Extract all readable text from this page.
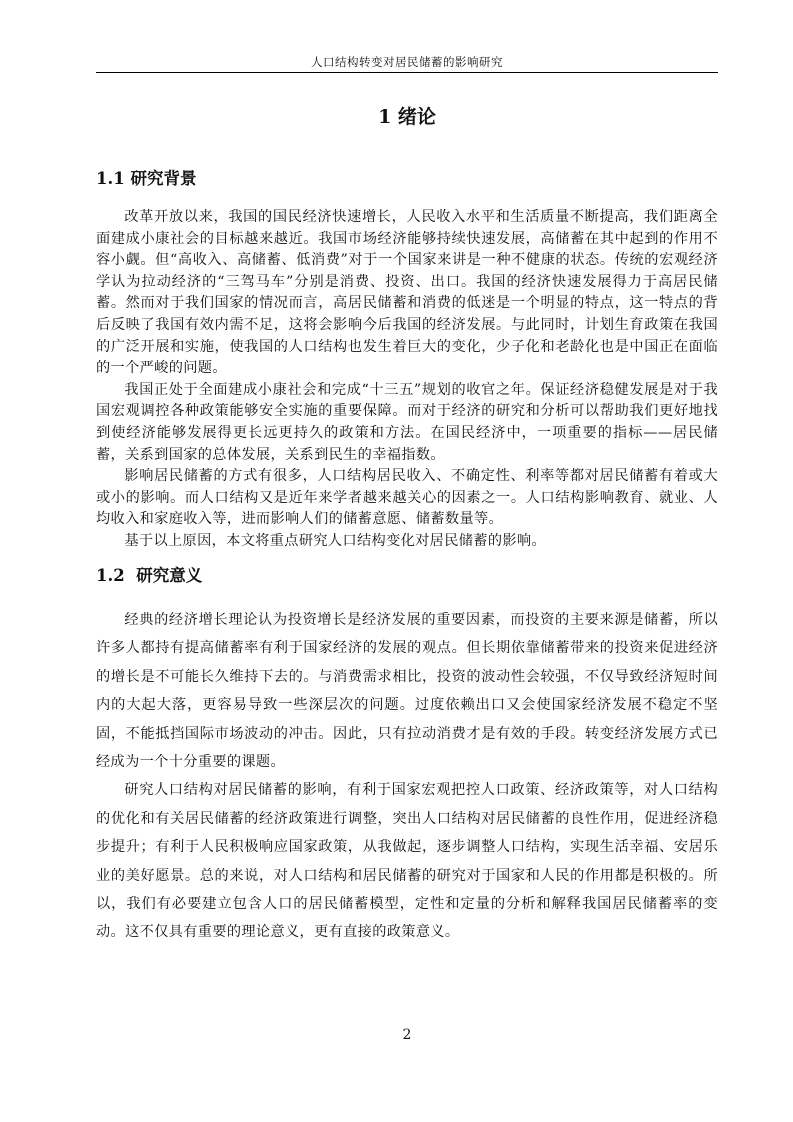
人口结构转变对居民储蓄的影响研究
1 绪论
1.1 研究背景

改革开放以来，我国的国民经济快速增长，人民收入水平和生活质量不断提高，我们距离全面建成小康社会的目标越来越近。我国市场经济能够持续快速发展，高储蓄在其中起到的作用不容小觑。但“高收入、高储蓄、低消费”对于一个国家来讲是一种不健康的状态。传统的宏观经济学认为拉动经济的“三驾马车”分别是消费、投资、出口。我国的经济快速发展得力于高居民储蓄。然而对于我们国家的情况而言，高居民储蓄和消费的低迷是一个明显的特点，这一特点的背后反映了我国有效内需不足，这将会影响今后我国的经济发展。与此同时，计划生育政策在我国的广泛开展和实施，使我国的人口结构也发生着巨大的变化，少子化和老龄化也是中国正在面临的一个严峻的问题。

我国正处于全面建成小康社会和完成“十三五”规划的收官之年。保证经济稳健发展是对于我国宏观调控各种政策能够安全实施的重要保障。而对于经济的研究和分析可以帮助我们更好地找到使经济能够发展得更长远更持久的政策和方法。在国民经济中，一项重要的指标——居民储蓄，关系到国家的总体发展，关系到民生的幸福指数。

影响居民储蓄的方式有很多，人口结构居民收入、不确定性、利率等都对居民储蓄有着或大或小的影响。而人口结构又是近年来学者越来越关心的因素之一。人口结构影响教育、就业、人均收入和家庭收入等，进而影响人们的储蓄意愿、储蓄数量等。

基于以上原因，本文将重点研究人口结构变化对居民储蓄的影响。

1.2  研究意义

经典的经济增长理论认为投资增长是经济发展的重要因素，而投资的主要来源是储蓄，所以许多人都持有提高储蓄率有利于国家经济的发展的观点。但长期依靠储蓄带来的投资来促进经济的增长是不可能长久维持下去的。与消费需求相比，投资的波动性会较强，不仅导致经济短时间内的大起大落，更容易导致一些深层次的问题。过度依赖出口又会使国家经济发展不稳定不坚固，不能抵挡国际市场波动的冲击。因此，只有拉动消费才是有效的手段。转变经济发展方式已经成为一个十分重要的课题。

研究人口结构对居民储蓄的影响，有利于国家宏观把控人口政策、经济政策等，对人口结构的优化和有关居民储蓄的经济政策进行调整，突出人口结构对居民储蓄的良性作用，促进经济稳步提升；有利于人民积极响应国家政策，从我做起，逐步调整人口结构，实现生活幸福、安居乐业的美好愿景。总的来说，对人口结构和居民储蓄的研究对于国家和人民的作用都是积极的。所以，我们有必要建立包含人口的居民储蓄模型，定性和定量的分析和解释我国居民储蓄率的变动。这不仅具有重要的理论意义，更有直接的政策意义。

2
